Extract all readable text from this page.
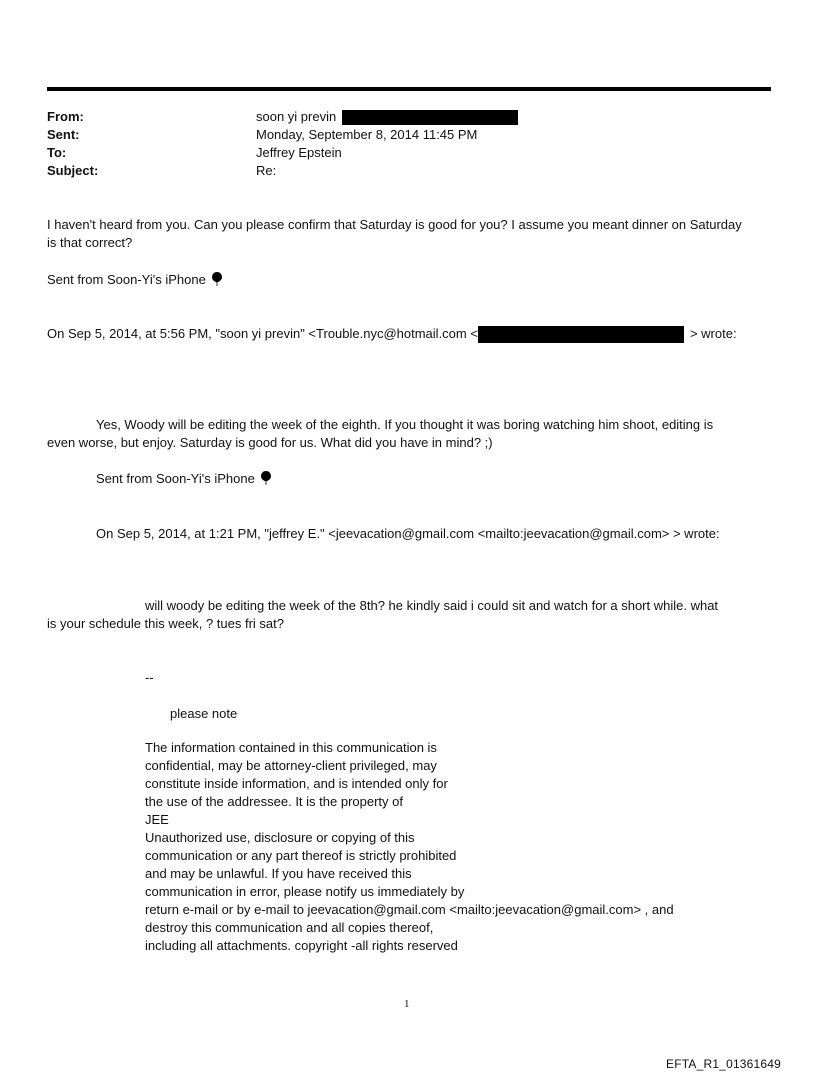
From:	soon yi previn
Sent:	Monday, September 8, 2014 11:45 PM
To:	Jeffrey Epstein
Subject:	Re:
I haven't heard from you. Can you please confirm that Saturday is good for you? I assume you meant dinner on Saturday
is that correct?
Sent from Soon-Yi's iPhone
On Sep 5, 2014, at 5:56 PM, "soon yi previn" <Trouble.nyc@hotmail.com <	> wrote:
Yes, Woody will be editing the week of the eighth. If you thought it was boring watching him shoot, editing is
even worse, but enjoy. Saturday is good for us. What did you have in mind? ;)
Sent from Soon-Yi's iPhone
On Sep 5, 2014, at 1:21 PM, "jeffrey E." <jeevacation@gmail.com <mailto:jeevacation@gmail.com> > wrote:
will woody be editing the week of the 8th? he kindly said i could sit and watch for a short while. what
is your schedule this week, ? tues fri sat?
--
please note
The information contained in this communication is
confidential, may be attorney-client privileged, may
constitute inside information, and is intended only for
the use of the addressee. It is the property of
JEE
Unauthorized use, disclosure or copying of this
communication or any part thereof is strictly prohibited
and may be unlawful. If you have received this
communication in error, please notify us immediately by
return e-mail or by e-mail to jeevacation@gmail.com <mailto:jeevacation@gmail.com> , and
destroy this communication and all copies thereof,
including all attachments. copyright -all rights reserved
1
EFTA_R1_01361649
